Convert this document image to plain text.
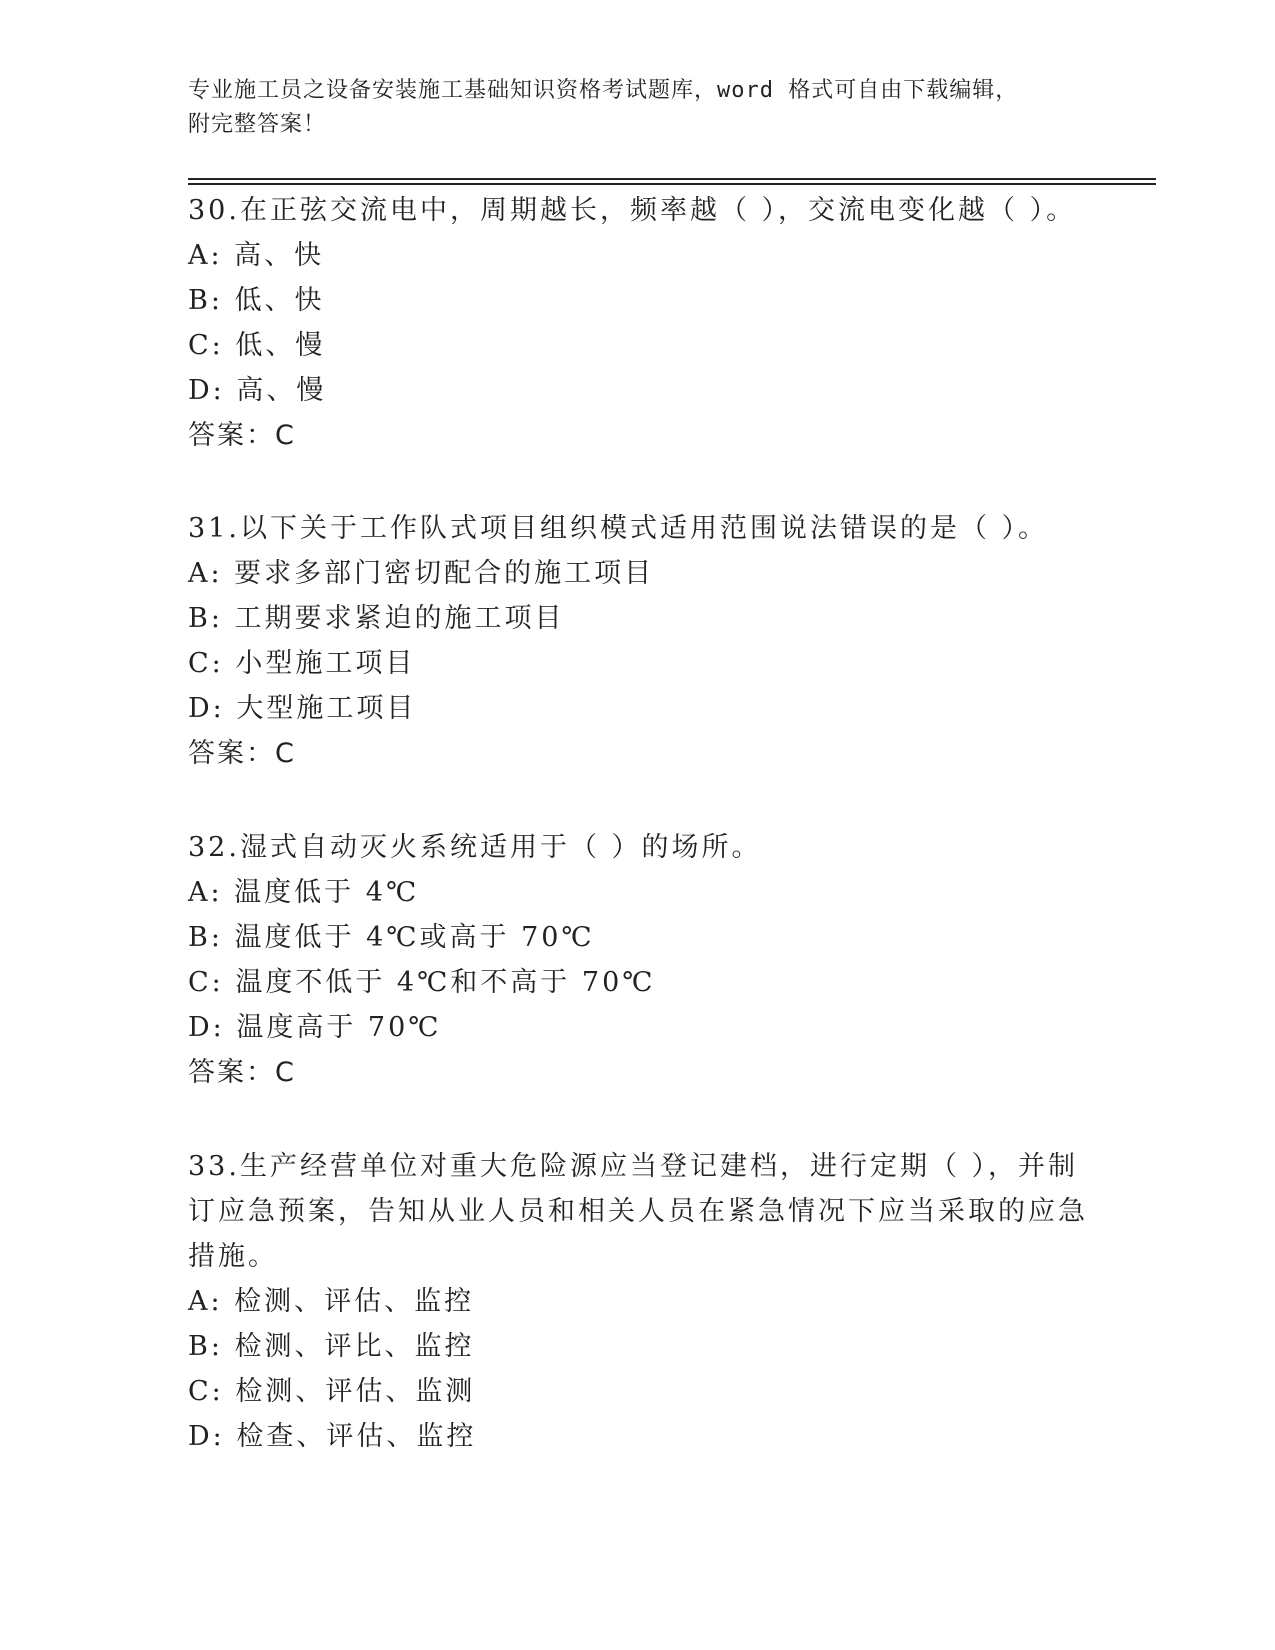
专业施工员之设备安装施工基础知识资格考试题库，word 格式可自由下载编辑，
附完整答案！
30.在正弦交流电中，周期越长，频率越（ ），交流电变化越（ ）。
A: 高、快
B: 低、快
C: 低、慢
D: 高、慢
答案：C
31.以下关于工作队式项目组织模式适用范围说法错误的是（ ）。
A: 要求多部门密切配合的施工项目
B: 工期要求紧迫的施工项目
C: 小型施工项目
D: 大型施工项目
答案：C
32.湿式自动灭火系统适用于（ ）的场所。
A: 温度低于 4℃
B: 温度低于 4℃或高于 70℃
C: 温度不低于 4℃和不高于 70℃
D: 温度高于 70℃
答案：C
33.生产经营单位对重大危险源应当登记建档，进行定期（ ），并制
订应急预案，告知从业人员和相关人员在紧急情况下应当采取的应急
措施。
A: 检测、评估、监控
B: 检测、评比、监控
C: 检测、评估、监测
D: 检查、评估、监控
